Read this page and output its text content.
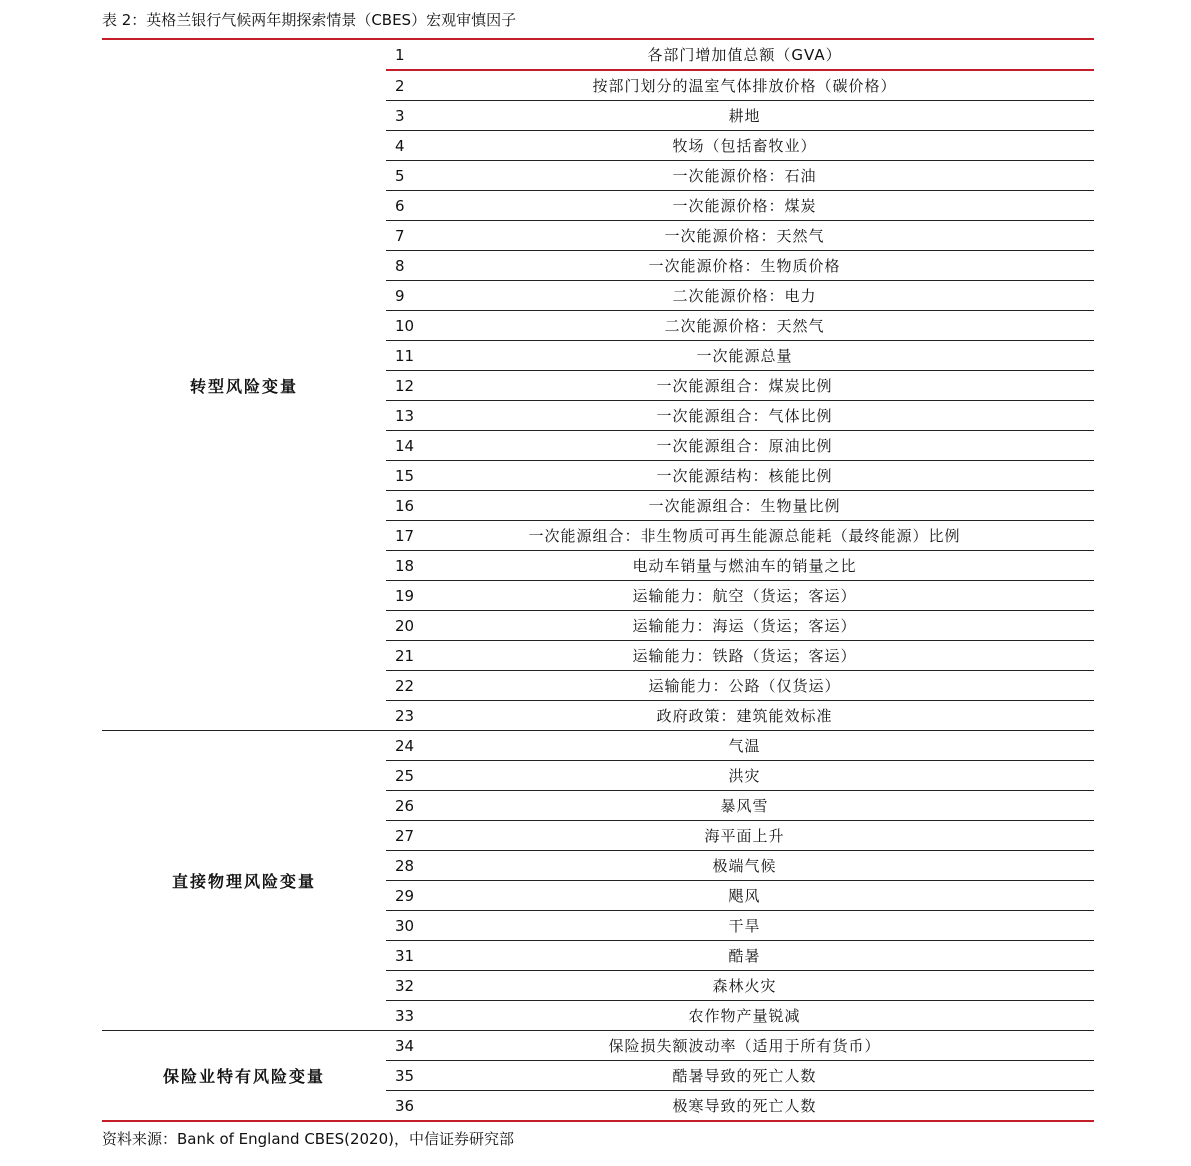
表 2：英格兰银行气候两年期探索情景（CBES）宏观审慎因子
转型风险变量
1	各部门增加值总额（GVA）
2	按部门划分的温室气体排放价格（碳价格）
3	耕地
4	牧场（包括畜牧业）
5	一次能源价格：石油
6	一次能源价格：煤炭
7	一次能源价格：天然气
8	一次能源价格：生物质价格
9	二次能源价格：电力
10	二次能源价格：天然气
11	一次能源总量
12	一次能源组合：煤炭比例
13	一次能源组合：气体比例
14	一次能源组合：原油比例
15	一次能源结构：核能比例
16	一次能源组合：生物量比例
17	一次能源组合：非生物质可再生能源总能耗（最终能源）比例
18	电动车销量与燃油车的销量之比
19	运输能力：航空（货运；客运）
20	运输能力：海运（货运；客运）
21	运输能力：铁路（货运；客运）
22	运输能力：公路（仅货运）
23	政府政策：建筑能效标准
直接物理风险变量
24	气温
25	洪灾
26	暴风雪
27	海平面上升
28	极端气候
29	飓风
30	干旱
31	酷暑
32	森林火灾
33	农作物产量锐减
保险业特有风险变量
34	保险损失额波动率（适用于所有货币）
35	酷暑导致的死亡人数
36	极寒导致的死亡人数
资料来源：Bank of England CBES(2020)，中信证券研究部
